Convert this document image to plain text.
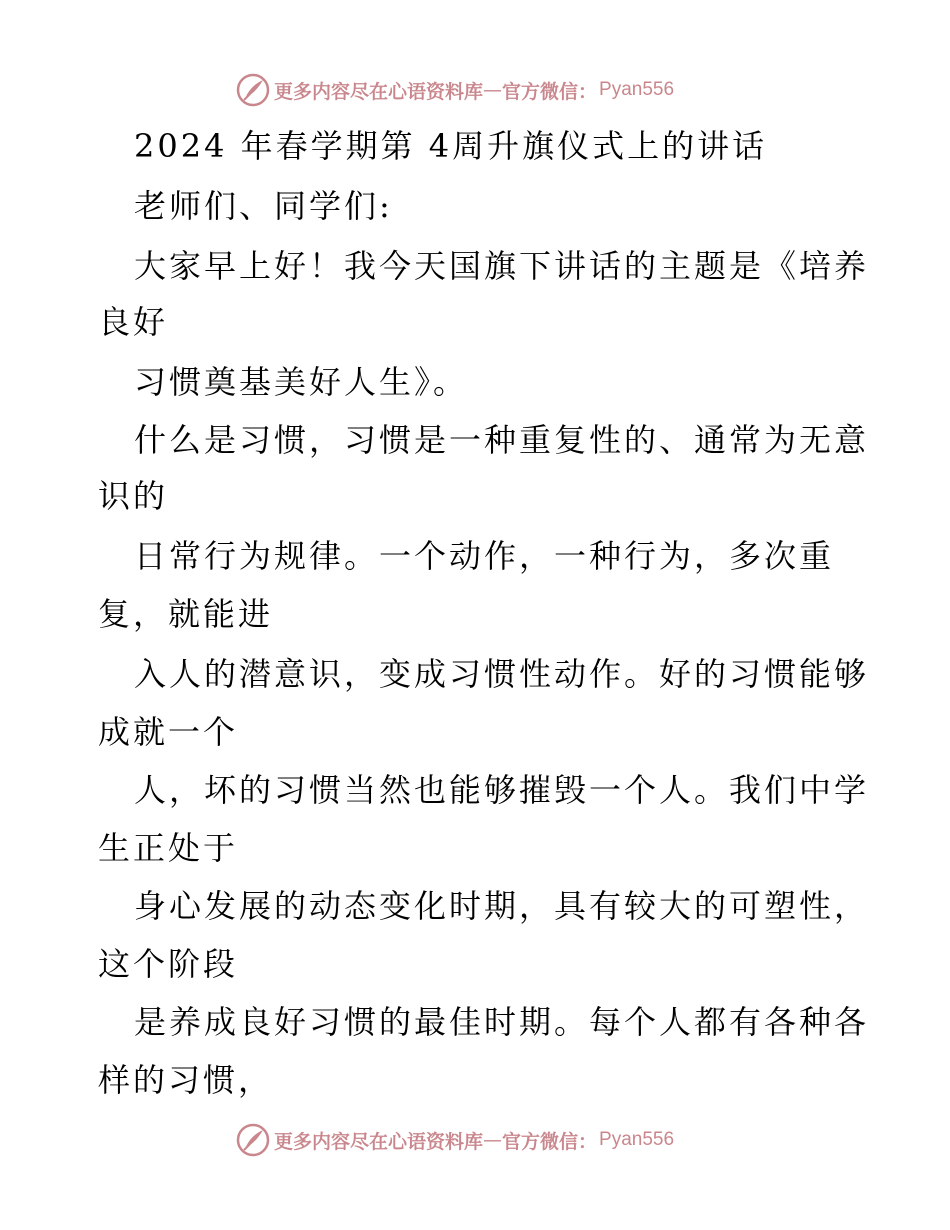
更多内容尽在心语资料库 — 官方微信： Pyan556
2024 年春学期第 4周升旗仪式上的讲话
老师们、同学们:
大家早上好！我今天国旗下讲话的主题是《培养
良好
习惯奠基美好人生》。
什么是习惯，习惯是一种重复性的、通常为无意
识的
日常行为规律。一个动作，一种行为，多次重
复，就能进
入人的潜意识，变成习惯性动作。好的习惯能够
成就一个
人，坏的习惯当然也能够摧毁一个人。我们中学
生正处于
身心发展的动态变化时期，具有较大的可塑性，
这个阶段
是养成良好习惯的最佳时期。每个人都有各种各
样的习惯，
更多内容尽在心语资料库 — 官方微信： Pyan556
